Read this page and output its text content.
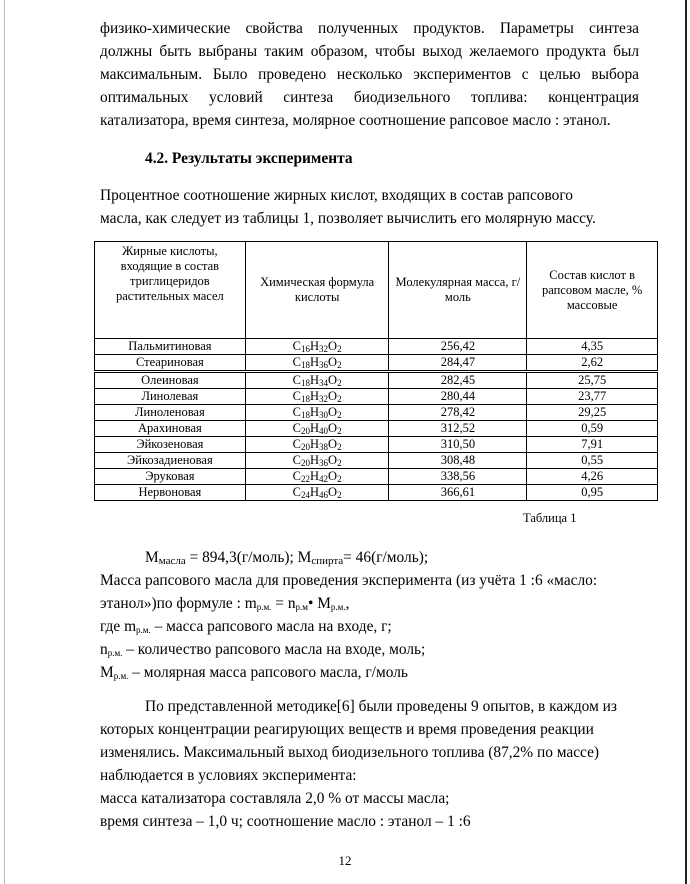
физико-химические свойства полученных продуктов. Параметры синтеза
должны быть выбраны таким образом, чтобы выход желаемого продукта был
максимальным. Было проведено несколько экспериментов с целью выбора
оптимальных условий синтеза биодизельного топлива: концентрация
катализатора, время синтеза, молярное соотношение рапсовое масло : этанол.

4.2. Результаты эксперимента

Процентное соотношение жирных кислот, входящих в состав рапсового
масла, как следует из таблицы 1, позволяет вычислить его молярную массу.

Жирные кислоты, входящие в состав триглицеридов растительных масел	Химическая формула кислоты	Молекулярная масса, г/моль	Состав кислот в рапсовом масле, % массовые
Пальмитиновая	$C_{16}H_{32}O_2$	256,42	4,35
Стеариновая	$C_{18}H_{36}O_2$	284,47	2,62
Олеиновая	$C_{18}H_{34}O_2$	282,45	25,75
Линолевая	$C_{18}H_{32}O_2$	280,44	23,77
Линоленовая	$C_{18}H_{30}O_2$	278,42	29,25
Арахиновая	$C_{20}H_{40}O_2$	312,52	0,59
Эйкозеновая	$C_{20}H_{38}O_2$	310,50	7,91
Эйкозадиеновая	$C_{20}H_{36}O_2$	308,48	0,55
Эруковая	$C_{22}H_{42}O_2$	338,56	4,26
Нервоновая	$C_{24}H_{46}O_2$	366,61	0,95
Таблица 1
$M_{масла}$ = 894,3(г/моль); $M_{спирта}=$ 46(г/моль);
Масса рапсового масла для проведения эксперимента (из учёта 1 :6 «масло:
этанол»)по формуле : $m_{р.м.}$ = $n_{р.м}•$ $M_{р.м.}$,
где $m_{р.м.}$ – масса рапсового масла на входе, г;
$n_{р.м.}$ – количество рапсового масла на входе, моль;
$M_{р.м.}$ – молярная масса рапсового масла, г/моль
По представленной методике[6] были проведены 9 опытов, в каждом из
которых концентрации реагирующих веществ и время проведения реакции
изменялись. Максимальный выход биодизельного топлива (87,2% по массе)
наблюдается в условиях эксперимента:
масса катализатора составляла 2,0 % от массы масла;
время синтеза – 1,0 ч; соотношение масло : этанол – 1 :6
12
